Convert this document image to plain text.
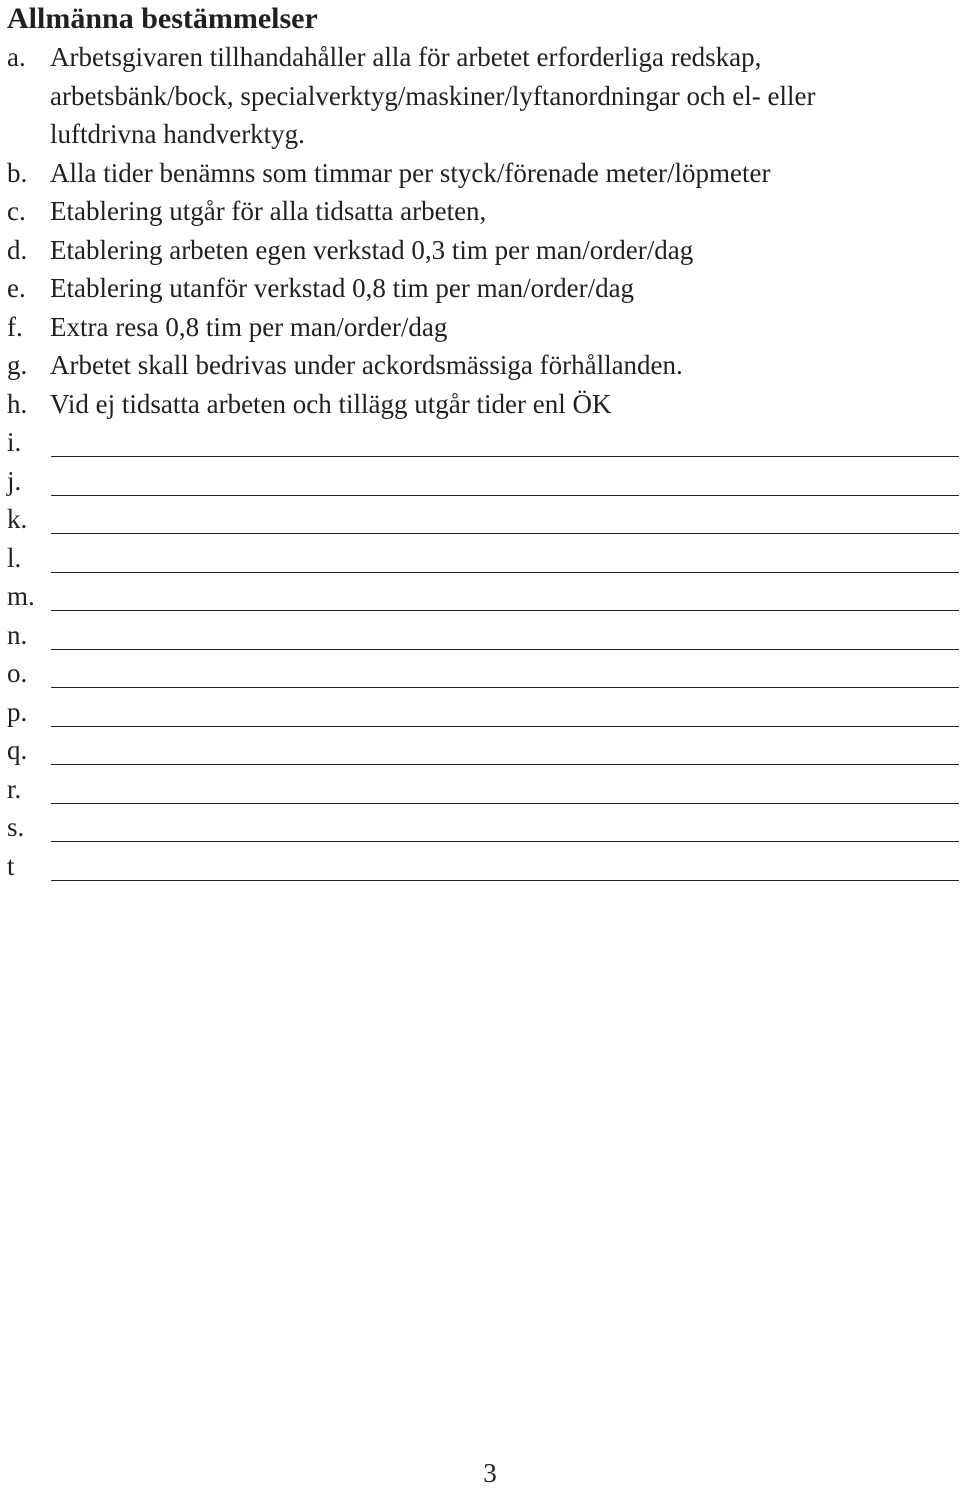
Allmänna bestämmelser
a. Arbetsgivaren tillhandahåller alla för arbetet erforderliga redskap,
arbetsbänk/bock, specialverktyg/maskiner/lyftanordningar och el- eller
luftdrivna handverktyg.
b. Alla tider benämns som timmar per styck/förenade meter/löpmeter
c. Etablering utgår för alla tidsatta arbeten,
d. Etablering arbeten egen verkstad 0,3 tim per man/order/dag
e. Etablering utanför verkstad 0,8 tim per man/order/dag
f. Extra resa 0,8 tim per man/order/dag
g. Arbetet skall bedrivas under ackordsmässiga förhållanden.
h. Vid ej tidsatta arbeten och tillägg utgår tider enl ÖK
i.
j.
k.
l.
m.
n.
o.
p.
q.
r.
s.
t
3
